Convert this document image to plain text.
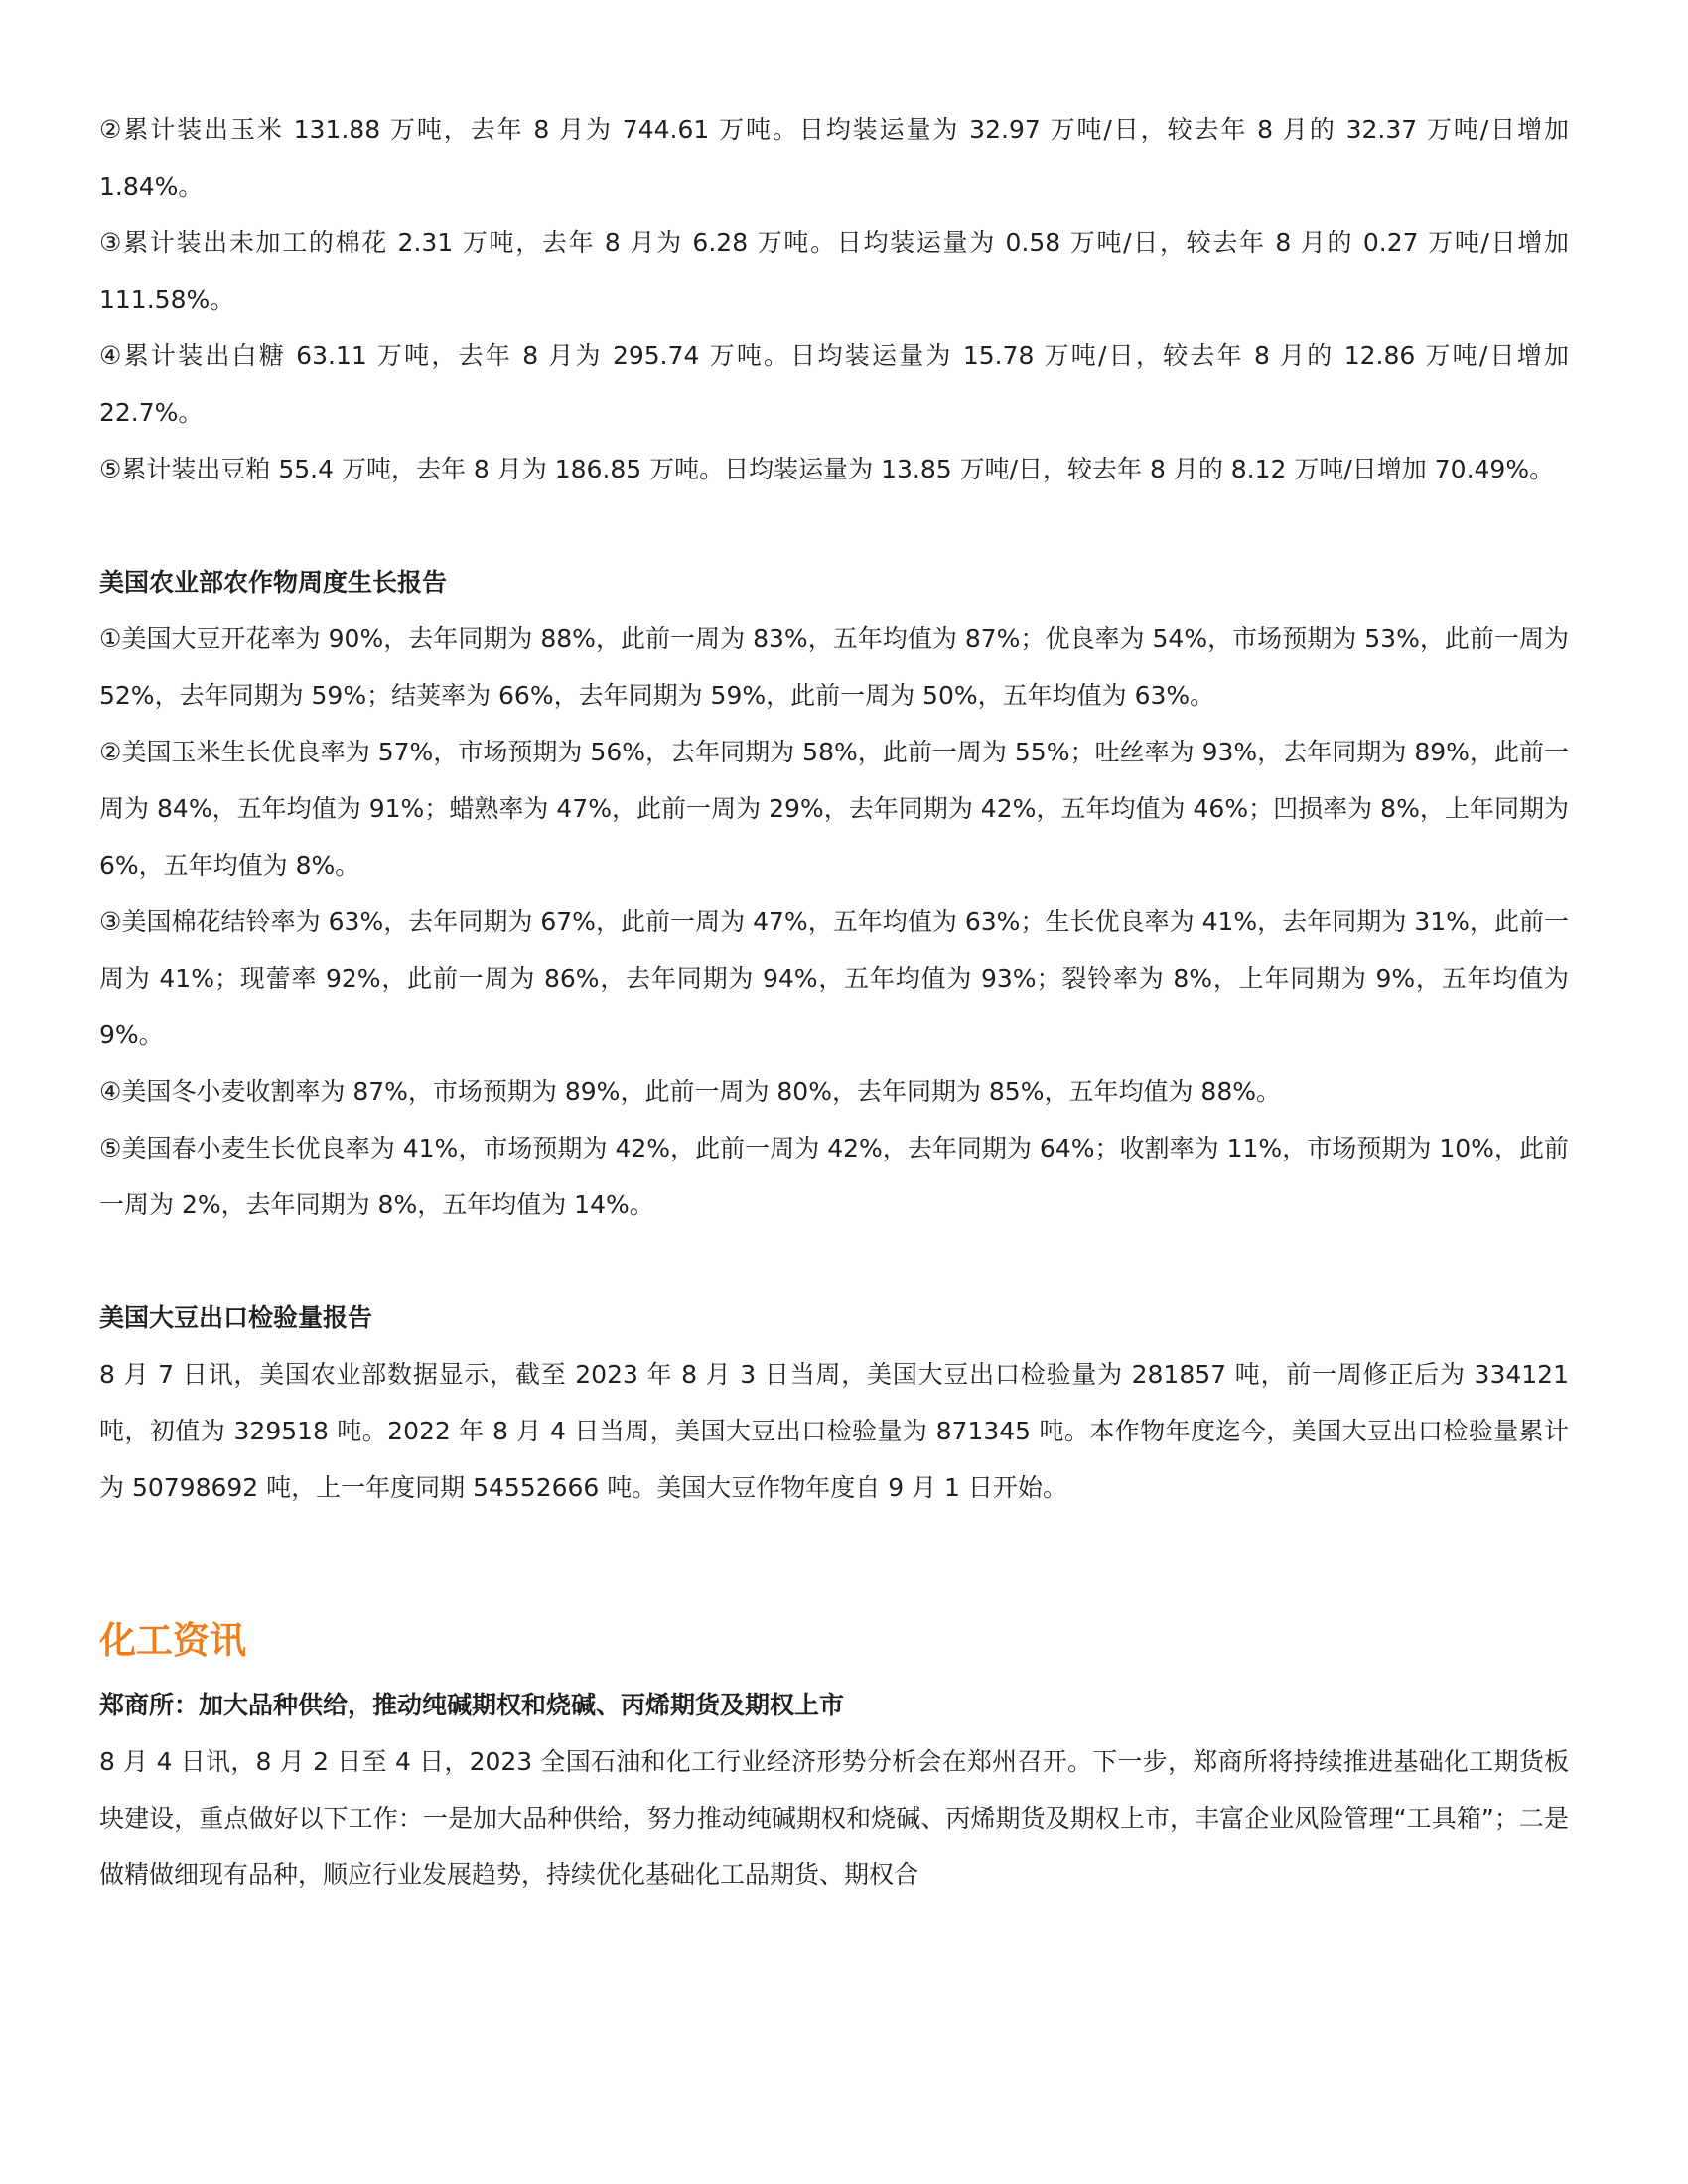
②累计装出玉米 131.88 万吨，去年 8 月为 744.61 万吨。日均装运量为 32.97 万吨/日，较去年 8 月的 32.37 万吨/日增加 1.84%。

③累计装出未加工的棉花 2.31 万吨，去年 8 月为 6.28 万吨。日均装运量为 0.58 万吨/日，较去年 8 月的 0.27 万吨/日增加 111.58%。

④累计装出白糖 63.11 万吨，去年 8 月为 295.74 万吨。日均装运量为 15.78 万吨/日，较去年 8 月的 12.86 万吨/日增加 22.7%。

⑤累计装出豆粕 55.4 万吨，去年 8 月为 186.85 万吨。日均装运量为 13.85 万吨/日，较去年 8 月的 8.12 万吨/日增加 70.49%。

美国农业部农作物周度生长报告

①美国大豆开花率为 90%，去年同期为 88%，此前一周为 83%，五年均值为 87%；优良率为 54%，市场预期为 53%，此前一周为 52%，去年同期为 59%；结荚率为 66%，去年同期为 59%，此前一周为 50%，五年均值为 63%。

②美国玉米生长优良率为 57%，市场预期为 56%，去年同期为 58%，此前一周为 55%；吐丝率为 93%，去年同期为 89%，此前一周为 84%，五年均值为 91%；蜡熟率为 47%，此前一周为 29%，去年同期为 42%，五年均值为 46%；凹损率为 8%，上年同期为 6%，五年均值为 8%。

③美国棉花结铃率为 63%，去年同期为 67%，此前一周为 47%，五年均值为 63%；生长优良率为 41%，去年同期为 31%，此前一周为 41%；现蕾率 92%，此前一周为 86%，去年同期为 94%，五年均值为 93%；裂铃率为 8%，上年同期为 9%，五年均值为 9%。

④美国冬小麦收割率为 87%，市场预期为 89%，此前一周为 80%，去年同期为 85%，五年均值为 88%。

⑤美国春小麦生长优良率为 41%，市场预期为 42%，此前一周为 42%，去年同期为 64%；收割率为 11%，市场预期为 10%，此前一周为 2%，去年同期为 8%，五年均值为 14%。

美国大豆出口检验量报告

8 月 7 日讯，美国农业部数据显示，截至 2023 年 8 月 3 日当周，美国大豆出口检验量为 281857 吨，前一周修正后为 334121 吨，初值为 329518 吨。2022 年 8 月 4 日当周，美国大豆出口检验量为 871345 吨。本作物年度迄今，美国大豆出口检验量累计为 50798692 吨，上一年度同期 54552666 吨。美国大豆作物年度自 9 月 1 日开始。

化工资讯

郑商所：加大品种供给，推动纯碱期权和烧碱、丙烯期货及期权上市

8 月 4 日讯，8 月 2 日至 4 日，2023 全国石油和化工行业经济形势分析会在郑州召开。下一步，郑商所将持续推进基础化工期货板块建设，重点做好以下工作：一是加大品种供给，努力推动纯碱期权和烧碱、丙烯期货及期权上市，丰富企业风险管理“工具箱”；二是做精做细现有品种，顺应行业发展趋势，持续优化基础化工品期货、期权合
